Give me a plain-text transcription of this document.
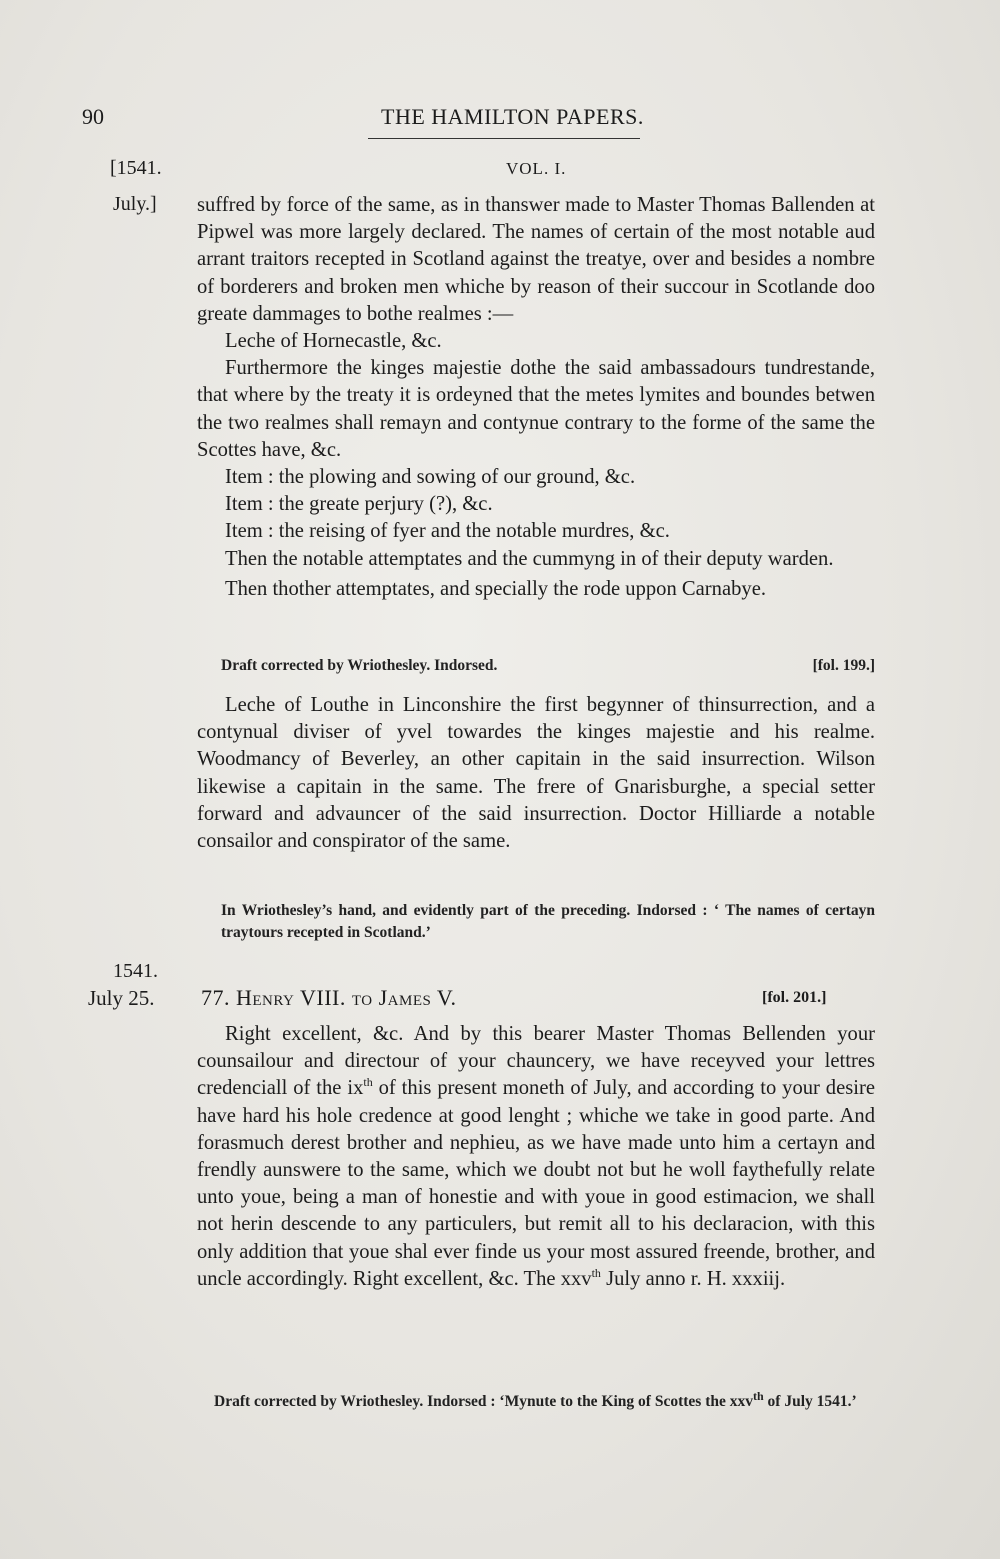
90	THE HAMILTON PAPERS.
[1541.	VOL. I.
July.] suffred by force of the same, as in thanswer made to Master Thomas Ballenden at Pipwel was more largely declared. The names of certain of the most notable aud arrant traitors recepted in Scotland against the treatye, over and besides a nombre of borderers and broken men whiche by reason of their succour in Scotlande doo greate dammages to bothe realmes :—

Leche of Hornecastle, &c.

Furthermore the kinges majestie dothe the said ambassadours tundrestande, that where by the treaty it is ordeyned that the metes lymites and boundes betwen the two realmes shall remayn and contynue contrary to the forme of the same the Scottes have, &c.

Item : the plowing and sowing of our ground, &c.

Item : the greate perjury (?), &c.

Item : the reising of fyer and the notable murdres, &c.

Then the notable attemptates and the cummyng in of their deputy warden.

Then thother attemptates, and specially the rode uppon Carnabye.

Draft corrected by Wriothesley. Indorsed.	[fol. 199.]

Leche of Louthe in Linconshire the first begynner of thinsurrection, and a contynual diviser of yvel towardes the kinges majestie and his realme. Woodmancy of Beverley, an other capitain in the said insurrection. Wilson likewise a capitain in the same. The frere of Gnarisburghe, a special setter forward and advauncer of the said insurrection. Doctor Hilliarde a notable consailor and conspirator of the same.

In Wriothesley’s hand, and evidently part of the preceding. Indorsed : ‘ The names of certayn traytours recepted in Scotland.’
1541.
July 25. 77. Henry VIII. to James V.	[fol. 201.]

Right excellent, &c. And by this bearer Master Thomas Bellenden your counsailour and directour of your chauncery, we have receyved your lettres credenciall of the $ix^{th}$ of this present moneth of July, and according to your desire have hard his hole credence at good lenght ; whiche we take in good parte. And forasmuch derest brother and nephieu, as we have made unto him a certayn and frendly aunswere to the same, which we doubt not but he woll faythefully relate unto youe, being a man of honestie and with youe in good estimacion, we shall not herin descende to any particulers, but remit all to his declaracion, with this only addition that youe shal ever finde us your most assured freende, brother, and uncle accordingly. Right excellent, &c. The xxv$^{th}$ July anno r. H. xxxiij.

Draft corrected by Wriothesley. Indorsed : ‘Mynute to the King of Scottes the xxv$^{th}$ of July 1541.’
